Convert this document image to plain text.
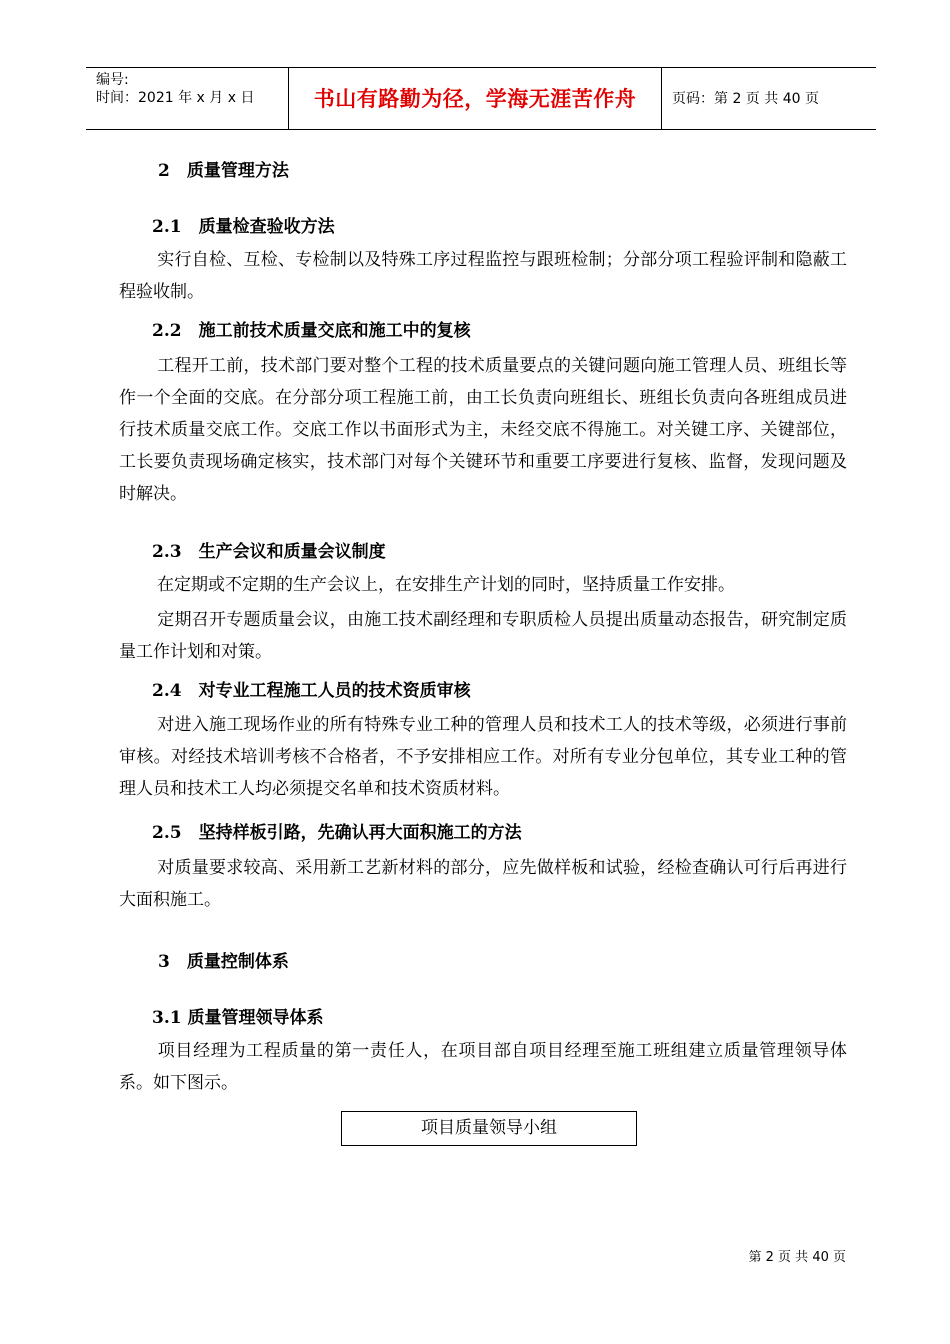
编号:
时间：2021 年 x 月 x 日	书山有路勤为径，学海无涯苦作舟	页码：第 2 页 共 40 页
2　质量管理方法
2.1　质量检查验收方法
实行自检、互检、专检制以及特殊工序过程监控与跟班检制；分部分项工程验评制和隐蔽工程验收制。
2.2　施工前技术质量交底和施工中的复核
工程开工前，技术部门要对整个工程的技术质量要点的关键问题向施工管理人员、班组长等作一个全面的交底。在分部分项工程施工前，由工长负责向班组长、班组长负责向各班组成员进行技术质量交底工作。交底工作以书面形式为主，未经交底不得施工。对关键工序、关键部位，工长要负责现场确定核实，技术部门对每个关键环节和重要工序要进行复核、监督，发现问题及时解决。
2.3　生产会议和质量会议制度
在定期或不定期的生产会议上，在安排生产计划的同时，坚持质量工作安排。
定期召开专题质量会议，由施工技术副经理和专职质检人员提出质量动态报告，研究制定质量工作计划和对策。
2.4　对专业工程施工人员的技术资质审核
对进入施工现场作业的所有特殊专业工种的管理人员和技术工人的技术等级，必须进行事前审核。对经技术培训考核不合格者，不予安排相应工作。对所有专业分包单位，其专业工种的管理人员和技术工人均必须提交名单和技术资质材料。
2.5　坚持样板引路，先确认再大面积施工的方法
对质量要求较高、采用新工艺新材料的部分，应先做样板和试验，经检查确认可行后再进行大面积施工。
3　质量控制体系
3.1 质量管理领导体系
项目经理为工程质量的第一责任人，在项目部自项目经理至施工班组建立质量管理领导体系。如下图示。
项目质量领导小组
第 2 页 共 40 页
